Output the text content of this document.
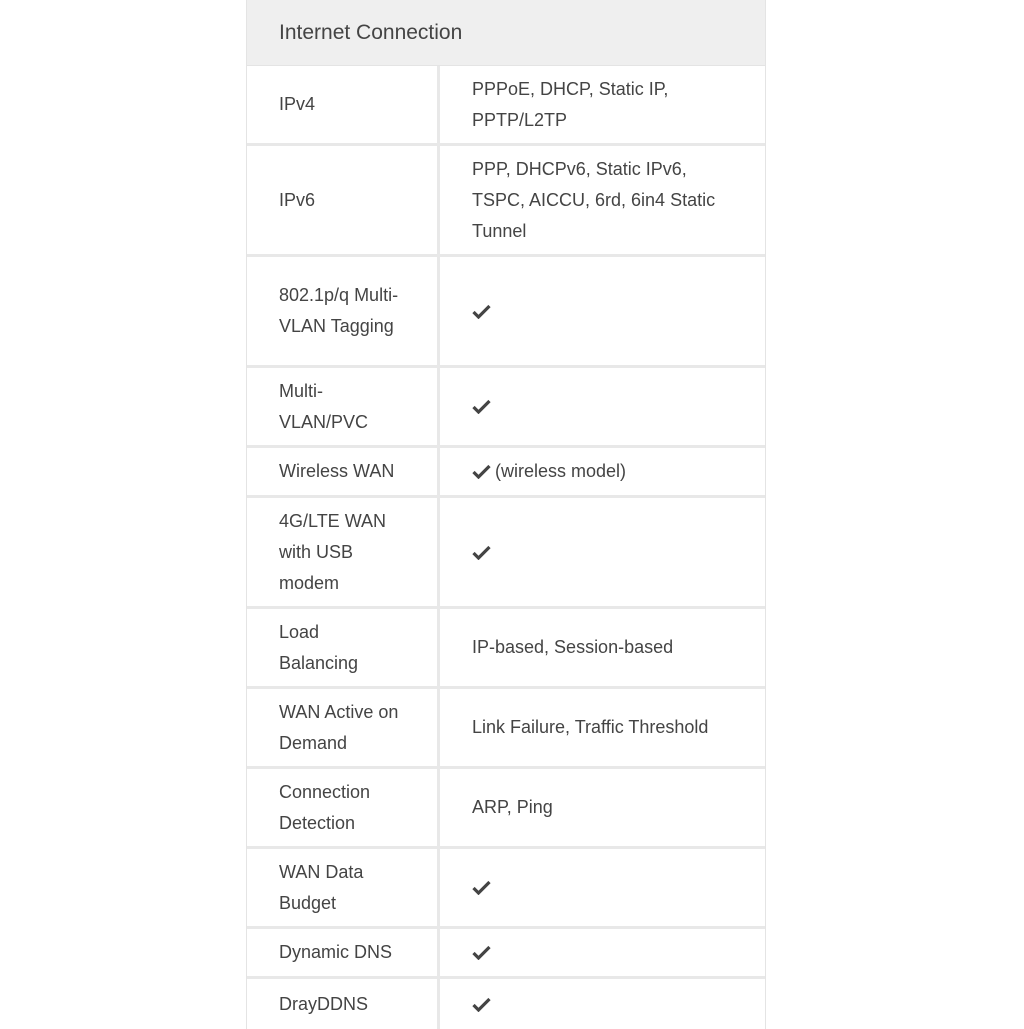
Internet Connection
IPv4
PPPoE, DHCP, Static IP, PPTP/L2TP
IPv6
PPP, DHCPv6, Static IPv6, TSPC, AICCU, 6rd, 6in4 Static Tunnel
802.1p/q Multi-VLAN Tagging
Multi-VLAN/PVC
Wireless WAN	(wireless model)
4G/LTE WAN with USB modem
Load Balancing
IP-based, Session-based
WAN Active on Demand
Link Failure, Traffic Threshold
Connection Detection
ARP, Ping
WAN Data Budget
Dynamic DNS
DrayDDNS
